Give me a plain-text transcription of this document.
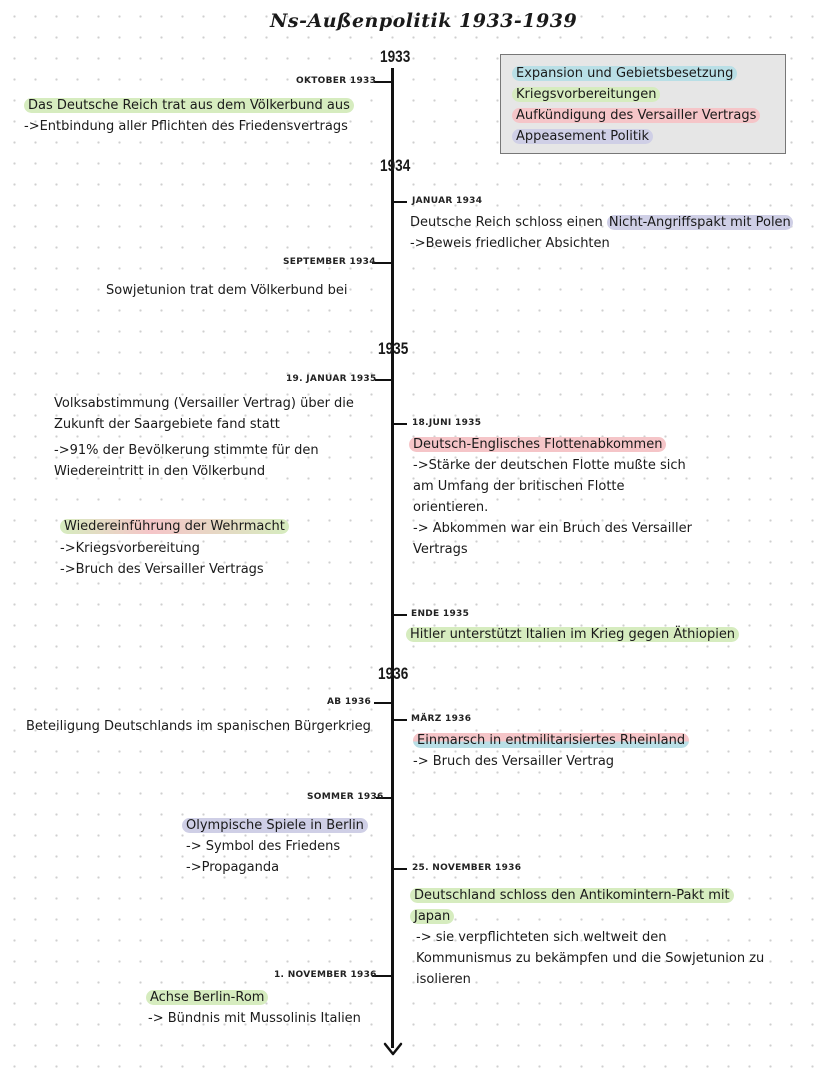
Ns-Außenpolitik 1933-1939
1933
1934
1935
1936
Expansion und Gebietsbesetzung
Kriegsvorbereitungen
Aufkündigung des Versailler Vertrags
Appeasement Politik
OKTOBER 1933
Das Deutsche Reich trat aus dem Völkerbund aus
->Entbindung aller Pflichten des Friedensvertrags
JANUAR 1934
Deutsche Reich schloss einen Nicht-Angriffspakt mit Polen
->Beweis friedlicher Absichten
SEPTEMBER 1934
Sowjetunion trat dem Völkerbund bei
19. JANUAR 1935
Volksabstimmung (Versailler Vertrag) über die
Zukunft der Saargebiete fand statt
->91% der Bevölkerung stimmte für den
Wiedereintritt in den Völkerbund
Wiedereinführung der Wehrmacht
->Kriegsvorbereitung
->Bruch des Versailler Vertrags
18.JUNI 1935
Deutsch-Englisches Flottenabkommen
->Stärke der deutschen Flotte mußte sich
am Umfang der britischen Flotte
orientieren.
-> Abkommen war ein Bruch des Versailler
Vertrags
ENDE 1935
Hitler unterstützt Italien im Krieg gegen Äthiopien
AB 1936
Beteiligung Deutschlands im spanischen Bürgerkrieg	MÄRZ 1936
Einmarsch in entmilitarisiertes Rheinland
-> Bruch des Versailler Vertrag
SOMMER 1936
Olympische Spiele in Berlin
-> Symbol des Friedens
->Propaganda	25. NOVEMBER 1936
Deutschland schloss den Antikomintern-Pakt mit
Japan
-> sie verpflichteten sich weltweit den
Kommunismus zu bekämpfen und die Sowjetunion zu
isolieren
1. NOVEMBER 1936
Achse Berlin-Rom
-> Bündnis mit Mussolinis Italien
